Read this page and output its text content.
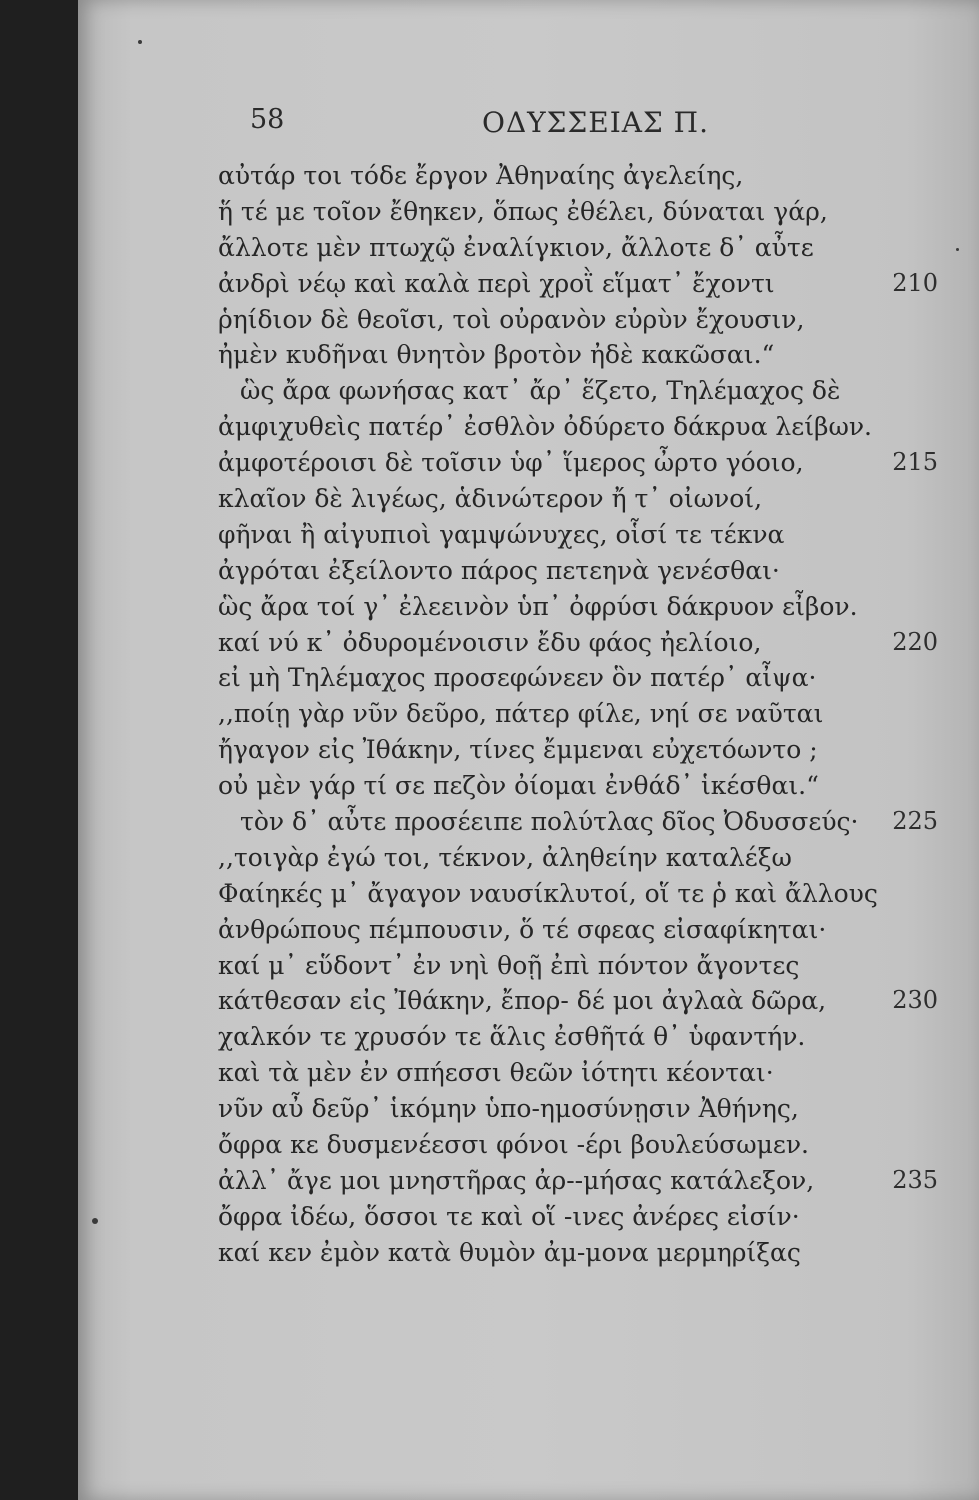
58	ΟΔΥΣΣΕΙΑΣ Π.
αὐτάρ τοι τόδε ἔργον Ἀθηναίης ἀγελείης,
ἥ τέ με τοῖον ἔθηκεν, ὅπως ἐθέλει, δύναται γάρ,
ἄλλοτε μὲν πτωχῷ ἐναλίγκιον, ἄλλοτε δ᾽ αὖτε
ἀνδρὶ νέῳ καὶ καλὰ περὶ χροῒ εἵματ᾽ ἔχοντι	210
ῥηίδιον δὲ θεοῖσι, τοὶ οὐρανὸν εὐρὺν ἔχουσιν,
ἠμὲν κυδῆναι θνητὸν βροτὸν ἠδὲ κακῶσαι.“
ὣς ἄρα φωνήσας κατ᾽ ἄρ᾽ ἕζετο, Τηλέμαχος δὲ
ἀμφιχυθεὶς πατέρ᾽ ἐσθλὸν ὀδύρετο δάκρυα λείβων.
ἀμφοτέροισι δὲ τοῖσιν ὑφ᾽ ἵμερος ὦρτο γόοιο,	215
κλαῖον δὲ λιγέως, ἁδινώτερον ἤ τ᾽ οἰωνοί,
φῆναι ἢ αἰγυπιοὶ γαμψώνυχες, οἷσί τε τέκνα
ἀγρόται ἐξείλοντο πάρος πετεηνὰ γενέσθαι·
ὣς ἄρα τοί γ᾽ ἐλεεινὸν ὑπ᾽ ὀφρύσι δάκρυον εἶβον.
καί νύ κ᾽ ὀδυρομένοισιν ἔδυ φάος ἠελίοιο,	220
εἰ μὴ Τηλέμαχος προσεφώνεεν ὃν πατέρ᾽ αἶψα·
,,ποίῃ γὰρ νῦν δεῦρο, πάτερ φίλε, νηί σε ναῦται
ἤγαγον εἰς Ἰθάκην, τίνες ἔμμεναι εὐχετόωντο ;
οὐ μὲν γάρ τί σε πεζὸν ὀίομαι ἐνθάδ᾽ ἱκέσθαι.“
τὸν δ᾽ αὖτε προσέειπε πολύτλας δῖος Ὀδυσσεύς· 225
,,τοιγὰρ ἐγώ τοι, τέκνον, ἀληθείην καταλέξω
Φαίηκές μ᾽ ἄγαγον ναυσίκλυτοί, οἵ τε ῥ καὶ ἄλλους
ἀνθρώπους πέμπουσιν, ὅ τέ σφεας εἰσαφίκηται·
καί μ᾽ εὕδοντ᾽ ἐν νηὶ θοῇ ἐπὶ πόντον ἄγοντες
κάτθεσαν εἰς Ἰθάκην, ἔπορ‐ δέ μοι ἀγλαὰ δῶρα,	230
χαλκόν τε χρυσόν τε ἅλις ἐσθῆτά θ᾽ ὑφαντήν.
καὶ τὰ μὲν ἐν σπήεσσι θεῶν ἰότητι κέονται·
νῦν αὖ δεῦρ᾽ ἱκόμην ὑπο‐ημοσύνῃσιν Ἀθήνης,
ὄφρα κε δυσμενέεσσι φόνοι ‐έρι βουλεύσωμεν.
ἀλλ᾽ ἄγε μοι μνηστῆρας ἀρ‐‐μήσας κατάλεξον,	235
ὄφρα ἰδέω, ὅσσοι τε καὶ οἵ ‐ινες ἀνέρες εἰσίν·
καί κεν ἐμὸν κατὰ θυμὸν ἀμ‐μονα μερμηρίξας
